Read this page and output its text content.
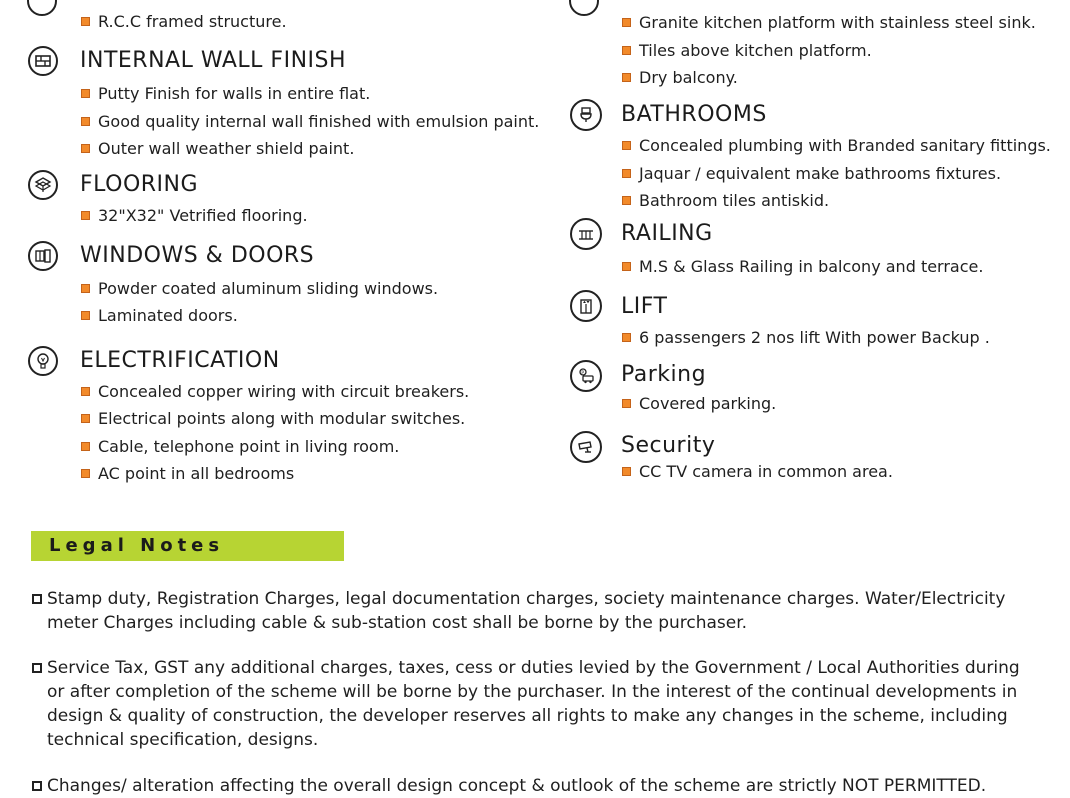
R.C.C framed structure.
INTERNAL WALL FINISH
Putty Finish for walls in entire flat.
Good quality internal wall finished with emulsion paint.
Outer wall weather shield paint.
FLOORING
32"X32" Vetrified flooring.
WINDOWS & DOORS
Powder coated aluminum sliding windows.
Laminated doors.
ELECTRIFICATION
Concealed copper wiring with circuit breakers.
Electrical points along with modular switches.
Cable, telephone point in living room.
AC point in all bedrooms
Granite kitchen platform with stainless steel sink.
Tiles above kitchen platform.
Dry balcony.
BATHROOMS
Concealed plumbing with Branded sanitary fittings.
Jaquar / equivalent make bathrooms fixtures.
Bathroom tiles antiskid.
RAILING
M.S & Glass Railing in balcony and terrace.
LIFT
6 passengers 2 nos lift With power Backup .
P Parking
Covered parking.
Security
CC TV camera in common area.
Legal Notes
Stamp duty, Registration Charges, legal documentation charges, society maintenance charges. Water/Electricity meter Charges including cable & sub-station cost shall be borne by the purchaser.
Service Tax, GST any additional charges, taxes, cess or duties levied by the Government / Local Authorities during or after completion of the scheme will be borne by the purchaser. In the interest of the continual developments in design & quality of construction, the developer reserves all rights to make any changes in the scheme, including technical specification, designs.
Changes/ alteration affecting the overall design concept & outlook of the scheme are strictly NOT PERMITTED.
